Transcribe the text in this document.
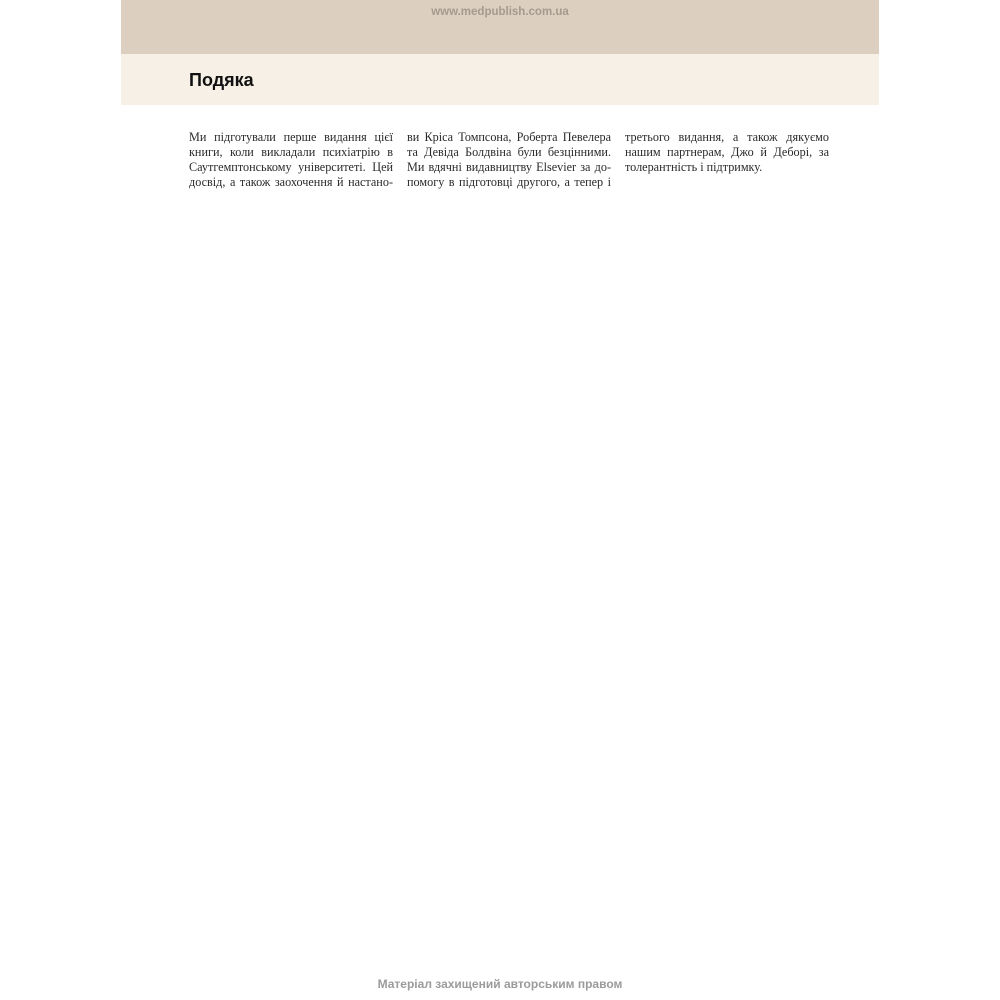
www.medpublish.com.ua
Подяка

Ми підготували перше видання цієї книги, коли викладали психіатрію в Саутгемптонському університеті. Цей досвід, а також заохочення й настанови Кріса Томпсона, Роберта Певелера та Девіда Болдвіна були безцінними. Ми вдячні видавництву Elsevier за допомогу в підготовці другого, а тепер і третього видання, а також дякуємо нашим партнерам, Джо й Деборі, за толерантність і підтримку.

Матеріал захищений авторським правом
